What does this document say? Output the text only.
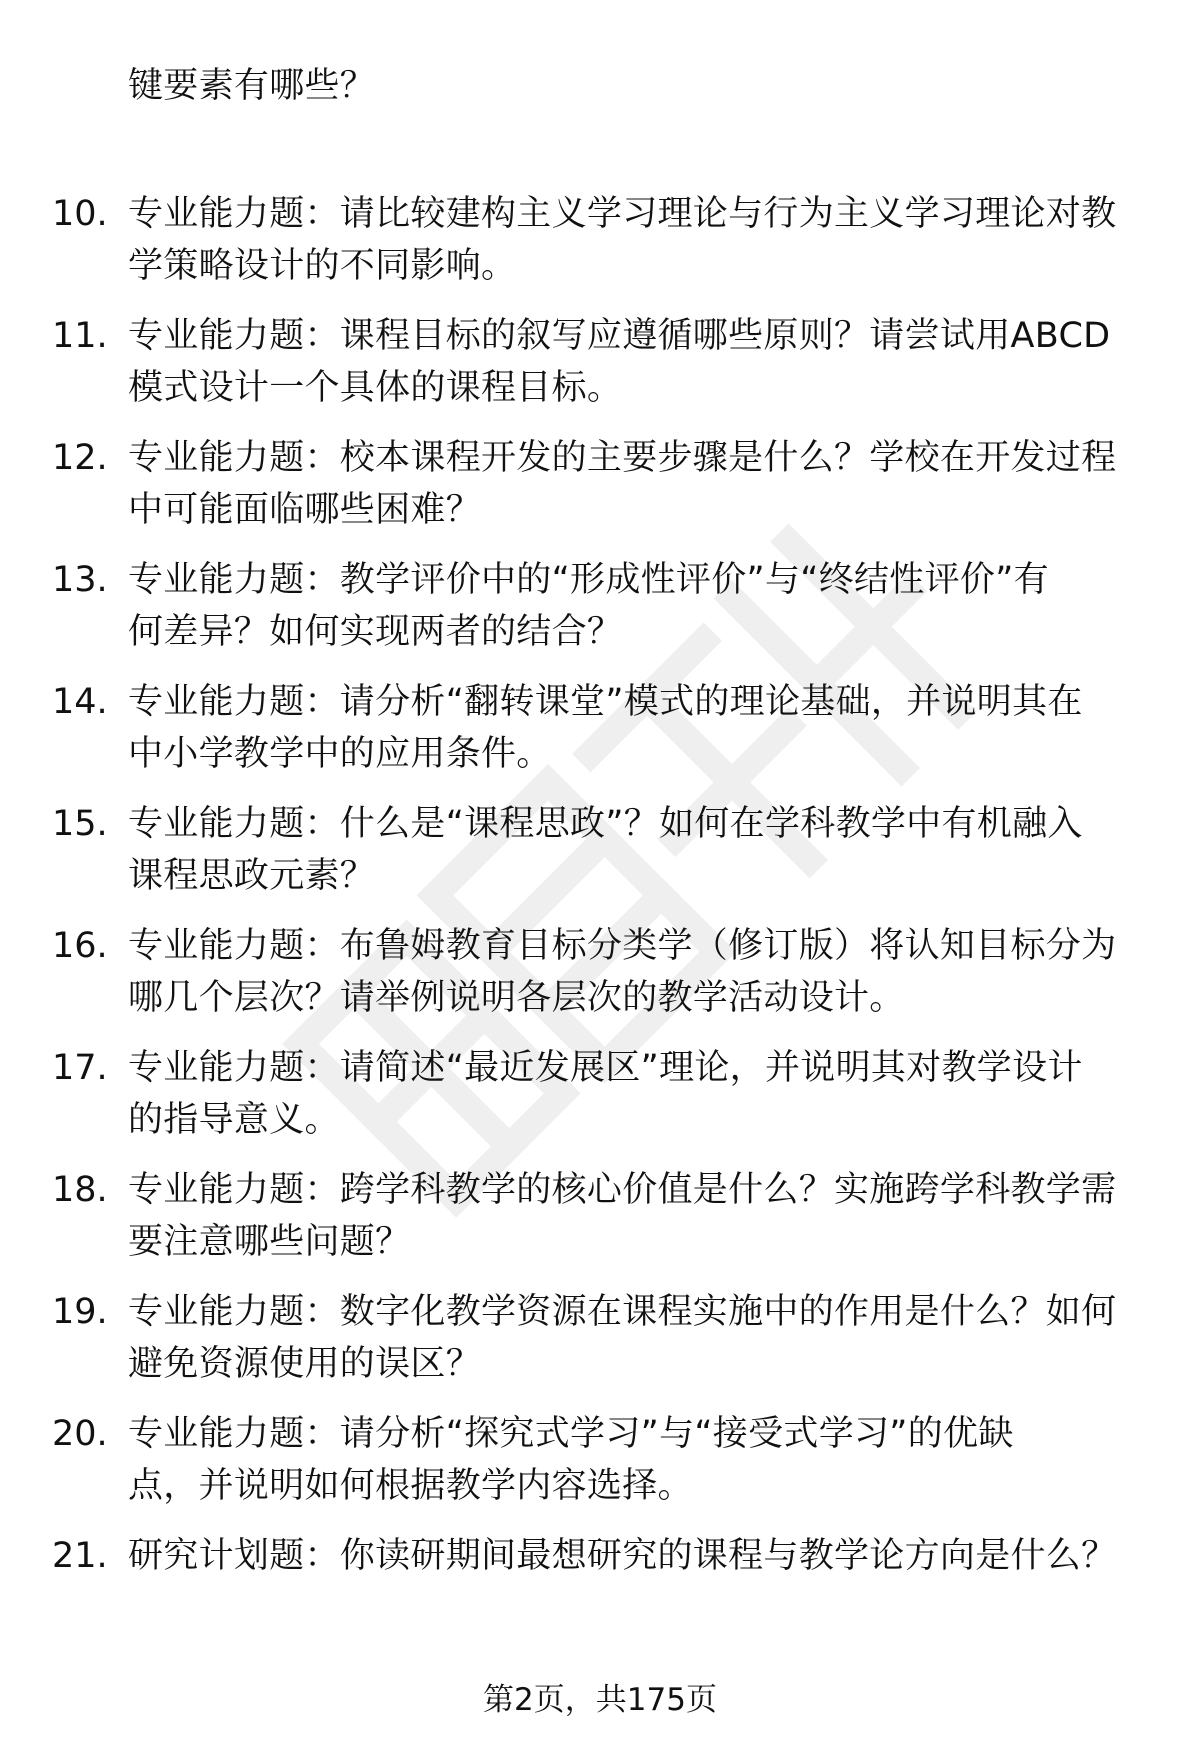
键要素有哪些？
10. 专业能力题：请比较建构主义学习理论与行为主义学习理论对教
学策略设计的不同影响。
11. 专业能力题：课程目标的叙写应遵循哪些原则？请尝试用ABCD
模式设计一个具体的课程目标。
12. 专业能力题：校本课程开发的主要步骤是什么？学校在开发过程
中可能面临哪些困难？
13. 专业能力题：教学评价中的“形成性评价”与“终结性评价”有
何差异？如何实现两者的结合？
14. 专业能力题：请分析“翻转课堂”模式的理论基础，并说明其在
中小学教学中的应用条件。
15. 专业能力题：什么是“课程思政”？如何在学科教学中有机融入
课程思政元素？
16. 专业能力题：布鲁姆教育目标分类学（修订版）将认知目标分为
哪几个层次？请举例说明各层次的教学活动设计。
17. 专业能力题：请简述“最近发展区”理论，并说明其对教学设计
的指导意义。
18. 专业能力题：跨学科教学的核心价值是什么？实施跨学科教学需
要注意哪些问题？
19. 专业能力题：数字化教学资源在课程实施中的作用是什么？如何
避免资源使用的误区？
20. 专业能力题：请分析“探究式学习”与“接受式学习”的优缺
点，并说明如何根据教学内容选择。
21. 研究计划题：你读研期间最想研究的课程与教学论方向是什么？
第2页，共175页
